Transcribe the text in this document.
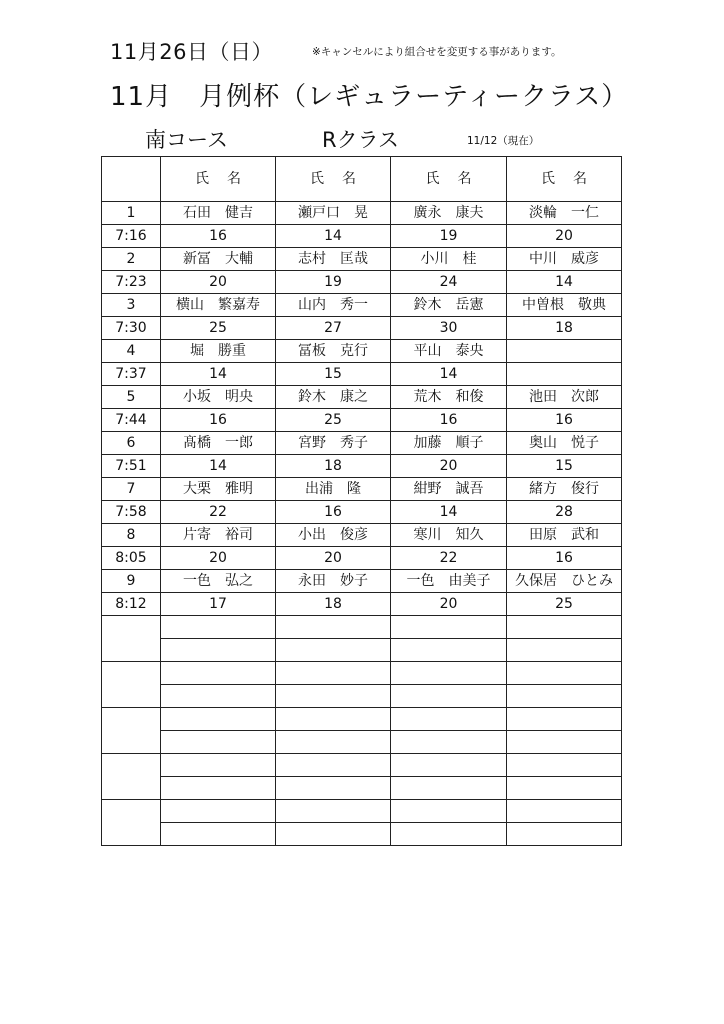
11月26日（日）	※キャンセルにより組合せを変更する事があります。
11月　月例杯（レギュラーティークラス）
南コース	Rクラス	11/12（現在）
	氏名	氏名	氏名	氏名
1	石田　健吉	瀬戸口　晃	廣永　康夫	淡輪　一仁
7:16	16	14	19	20
2	新冨　大輔	志村　匡哉	小川　桂	中川　威彦
7:23	20	19	24	14
3	横山　繁嘉寿	山内　秀一	鈴木　岳憲	中曽根　敬典
7:30	25	27	30	18
4	堀　勝重	冨板　克行	平山　泰央	
7:37	14	15	14	
5	小坂　明央	鈴木　康之	荒木　和俊	池田　次郎
7:44	16	25	16	16
6	髙橋　一郎	宮野　秀子	加藤　順子	奥山　悦子
7:51	14	18	20	15
7	大栗　雅明	出浦　隆	紺野　誠吾	緒方　俊行
7:58	22	16	14	28
8	片寄　裕司	小出　俊彦	寒川　知久	田原　武和
8:05	20	20	22	16
9	一色　弘之	永田　妙子	一色　由美子	久保居　ひとみ
8:12	17	18	20	25
